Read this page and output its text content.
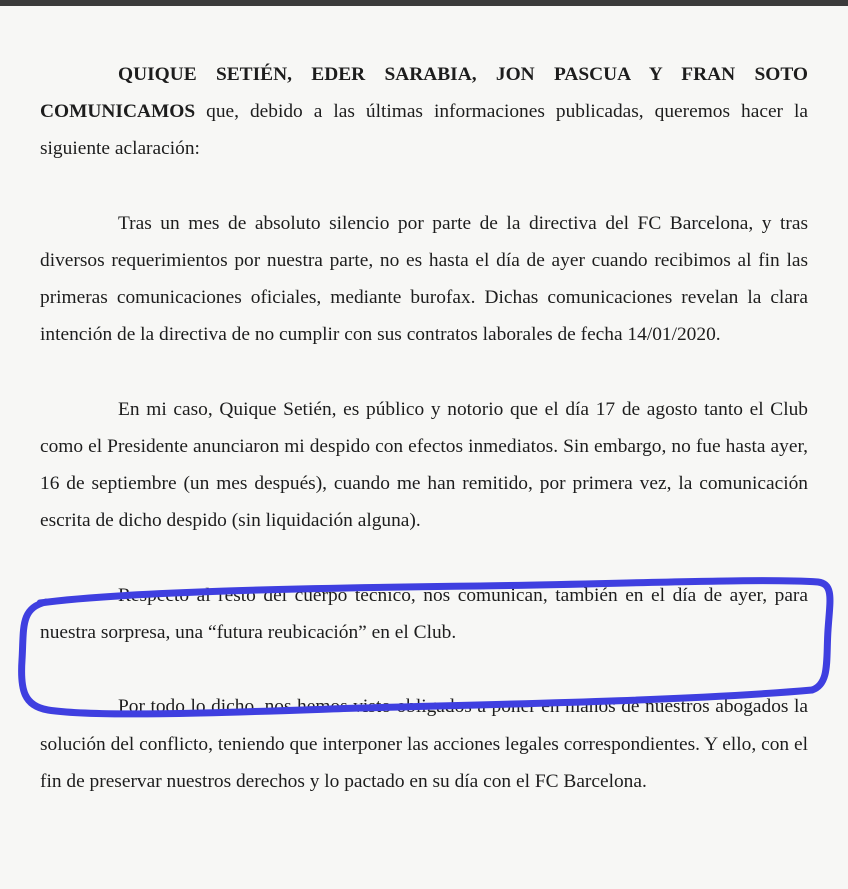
QUIQUE SETIÉN, EDER SARABIA, JON PASCUA Y FRAN SOTO COMUNICAMOS que, debido a las últimas informaciones publicadas, queremos hacer la siguiente aclaración:

Tras un mes de absoluto silencio por parte de la directiva del FC Barcelona, y tras diversos requerimientos por nuestra parte, no es hasta el día de ayer cuando recibimos al fin las primeras comunicaciones oficiales, mediante burofax. Dichas comunicaciones revelan la clara intención de la directiva de no cumplir con sus contratos laborales de fecha 14/01/2020.

En mi caso, Quique Setién, es público y notorio que el día 17 de agosto tanto el Club como el Presidente anunciaron mi despido con efectos inmediatos. Sin embargo, no fue hasta ayer, 16 de septiembre (un mes después), cuando me han remitido, por primera vez, la comunicación escrita de dicho despido (sin liquidación alguna).

Respecto al resto del cuerpo técnico, nos comunican, también en el día de ayer, para nuestra sorpresa, una “futura reubicación” en el Club.

Por todo lo dicho, nos hemos visto obligados a poner en manos de nuestros abogados la solución del conflicto, teniendo que interponer las acciones legales correspondientes. Y ello, con el fin de preservar nuestros derechos y lo pactado en su día con el FC Barcelona.
